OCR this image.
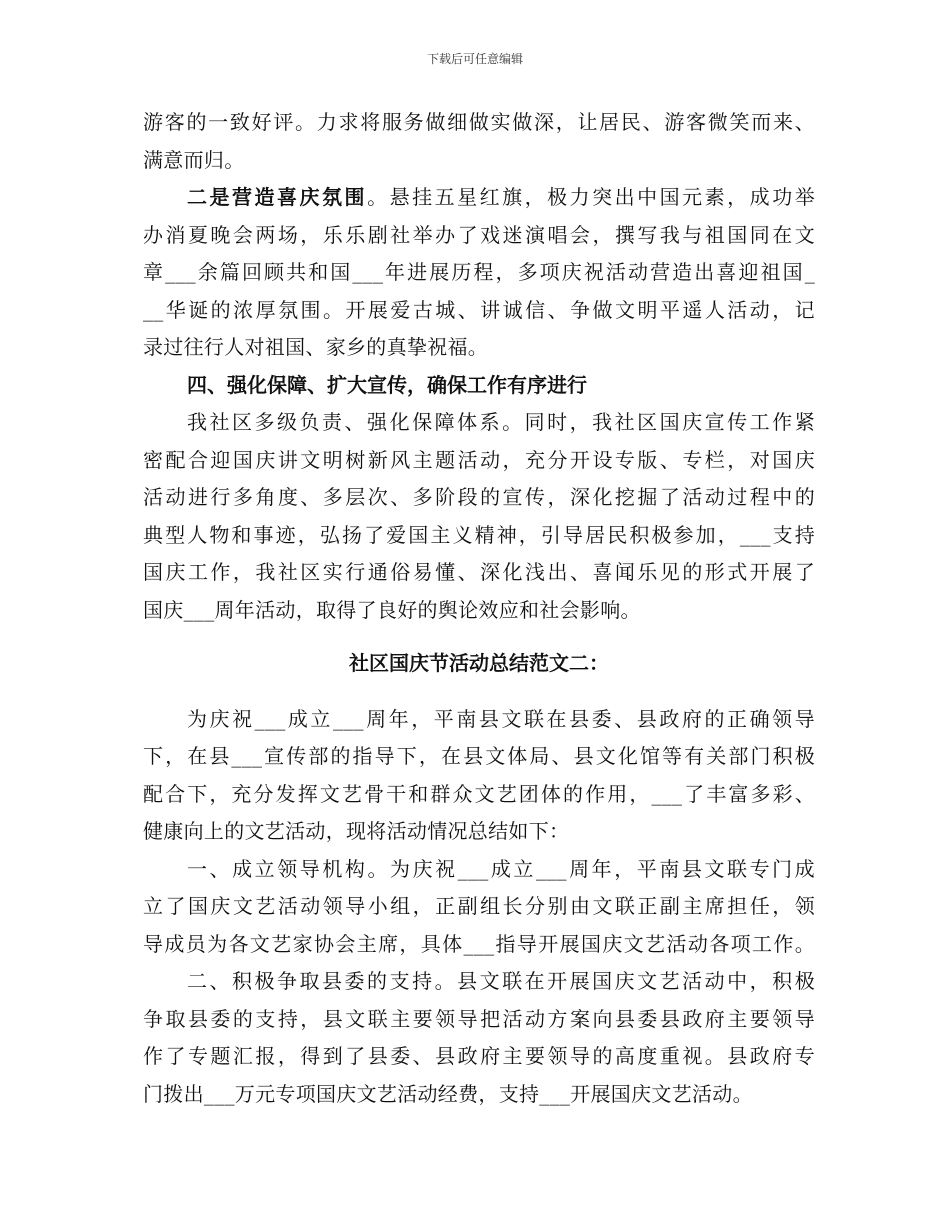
下载后可任意编辑
游客的一致好评。力求将服务做细做实做深，让居民、游客微笑而来、
满意而归。
二是营造喜庆氛围。悬挂五星红旗，极力突出中国元素，成功举
办消夏晚会两场，乐乐剧社举办了戏迷演唱会，撰写我与祖国同在文
章___余篇回顾共和国___年进展历程，多项庆祝活动营造出喜迎祖国_
__华诞的浓厚氛围。开展爱古城、讲诚信、争做文明平遥人活动，记
录过往行人对祖国、家乡的真挚祝福。
四、强化保障、扩大宣传，确保工作有序进行
我社区多级负责、强化保障体系。同时，我社区国庆宣传工作紧
密配合迎国庆讲文明树新风主题活动，充分开设专版、专栏，对国庆
活动进行多角度、多层次、多阶段的宣传，深化挖掘了活动过程中的
典型人物和事迹，弘扬了爱国主义精神，引导居民积极参加，___支持
国庆工作，我社区实行通俗易懂、深化浅出、喜闻乐见的形式开展了
国庆___周年活动，取得了良好的舆论效应和社会影响。
社区国庆节活动总结范文二：
为庆祝___成立___周年，平南县文联在县委、县政府的正确领导
下，在县___宣传部的指导下，在县文体局、县文化馆等有关部门积极
配合下，充分发挥文艺骨干和群众文艺团体的作用，___了丰富多彩、
健康向上的文艺活动，现将活动情况总结如下：
一、成立领导机构。为庆祝___成立___周年，平南县文联专门成
立了国庆文艺活动领导小组，正副组长分别由文联正副主席担任，领
导成员为各文艺家协会主席，具体___指导开展国庆文艺活动各项工作。
二、积极争取县委的支持。县文联在开展国庆文艺活动中，积极
争取县委的支持，县文联主要领导把活动方案向县委县政府主要领导
作了专题汇报，得到了县委、县政府主要领导的高度重视。县政府专
门拨出___万元专项国庆文艺活动经费，支持___开展国庆文艺活动。
